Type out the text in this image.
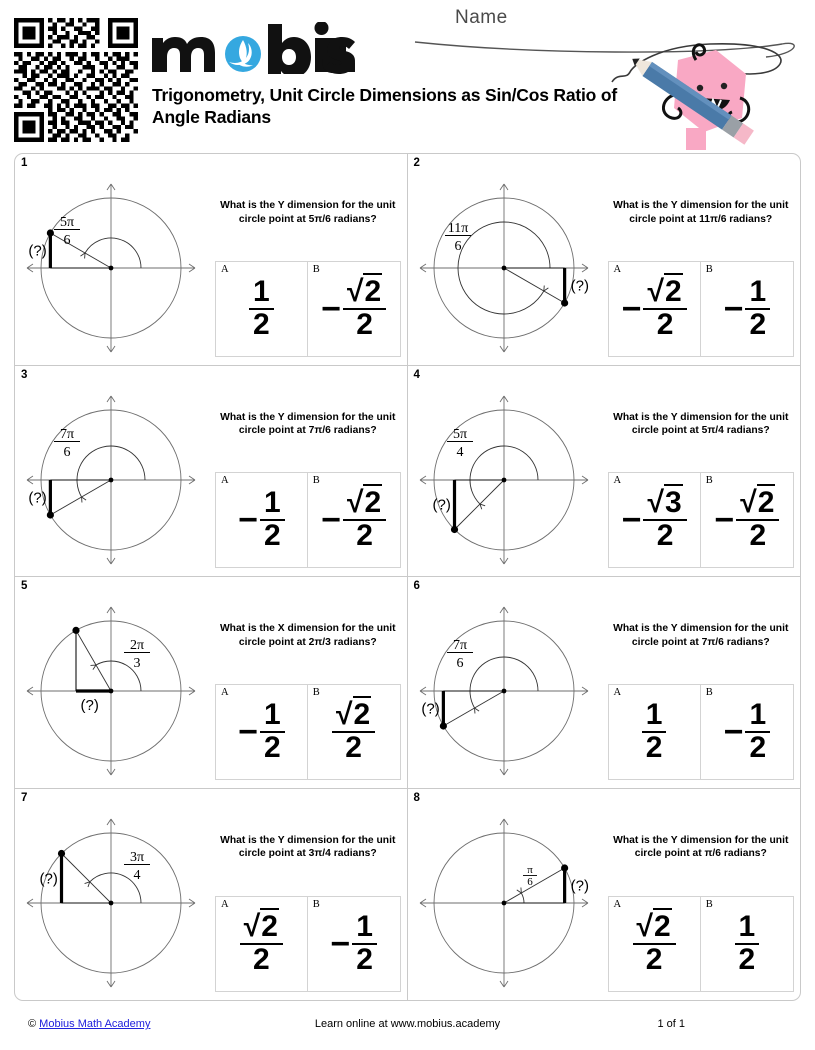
Trigonometry, Unit Circle Dimensions as Sin/Cos Ratio of Angle Radians
Name
1
(?)
5π
6
What is the Y dimension for the unit circle point at 5π/6 radians?
A
$\frac{1}{2}$
B
− $\frac{√2}{2}$
2
(?)
11π
6
What is the Y dimension for the unit circle point at 11π/6 radians?
A
− $\frac{√2}{2}$
B
− $\frac{1}{2}$
3
(?)
7π
6
What is the Y dimension for the unit circle point at 7π/6 radians?
A
− $\frac{1}{2}$
B
− $\frac{√2}{2}$
4
(?)
5π
4
What is the Y dimension for the unit circle point at 5π/4 radians?
A
− $\frac{√3}{2}$
B
− $\frac{√2}{2}$
5
(?)
2π
3
What is the X dimension for the unit circle point at 2π/3 radians?
A
− $\frac{1}{2}$
B
$\frac{√2}{2}$
6
(?)
7π
6
What is the Y dimension for the unit circle point at 7π/6 radians?
A
$\frac{1}{2}$
B
− $\frac{1}{2}$
7
(?)
3π
4
What is the Y dimension for the unit circle point at 3π/4 radians?
A
$\frac{√2}{2}$
B
− $\frac{1}{2}$
8
(?)
π
6
What is the Y dimension for the unit circle point at π/6 radians?
A
$\frac{√2}{2}$
B
$\frac{1}{2}$
© Mobius Math Academy	Learn online at www.mobius.academy	1 of 1
